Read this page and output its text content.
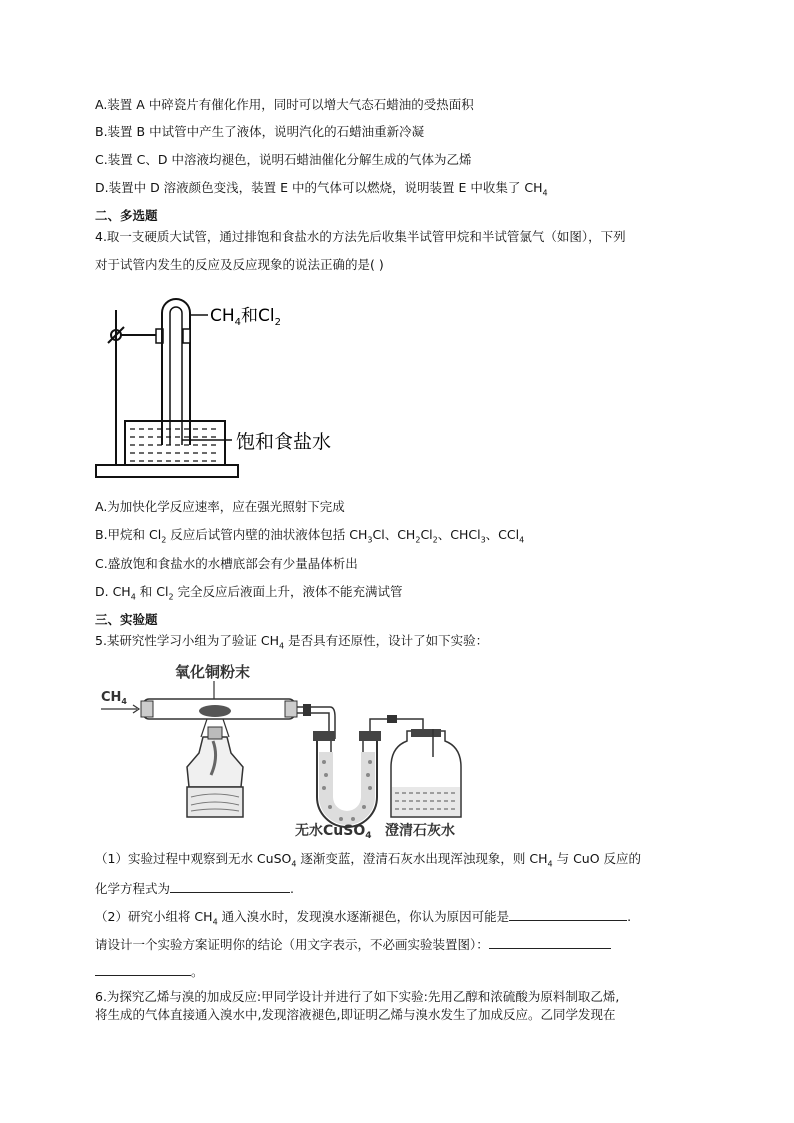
A.装置 A 中碎瓷片有催化作用，同时可以增大气态石蜡油的受热面积
B.装置 B 中试管中产生了液体，说明汽化的石蜡油重新冷凝
C.装置 C、D 中溶液均褪色，说明石蜡油催化分解生成的气体为乙烯
D.装置中 D 溶液颜色变浅，装置 E 中的气体可以燃烧，说明装置 E 中收集了 $CH_4$
二、多选题
4.取一支硬质大试管，通过排饱和食盐水的方法先后收集半试管甲烷和半试管氯气（如图），下列
对于试管内发生的反应及反应现象的说法正确的是( )
$CH_4$和$Cl_2$
饱和食盐水
A.为加快化学反应速率，应在强光照射下完成
B.甲烷和 $Cl_2$ 反应后试管内壁的油状液体包括 $CH_3Cl$、$CH_2Cl_2$、CHCl$_3$、CCl$_4$
C.盛放饱和食盐水的水槽底部会有少量晶体析出
D. $CH_4$ 和 $Cl_2$ 完全反应后液面上升，液体不能充满试管
三、实验题
5.某研究性学习小组为了验证 $CH_4$ 是否具有还原性，设计了如下实验：
氧化铜粉末
$CH_4$
无水CuSO$_4$ 澄清石灰水
（1）实验过程中观察到无水 CuSO$_4$ 逐渐变蓝，澄清石灰水出现浑浊现象，则 $CH_4$ 与 CuO 反应的
化学方程式为	.
（2）研究小组将 $CH_4$ 通入溴水时，发现溴水逐渐褪色，你认为原因可能是	.
请设计一个实验方案证明你的结论（用文字表示，不必画实验装置图）：
。
6.为探究乙烯与溴的加成反应:甲同学设计并进行了如下实验:先用乙醇和浓硫酸为原料制取乙烯,
将生成的气体直接通入溴水中,发现溶液褪色,即证明乙烯与溴水发生了加成反应。乙同学发现在
